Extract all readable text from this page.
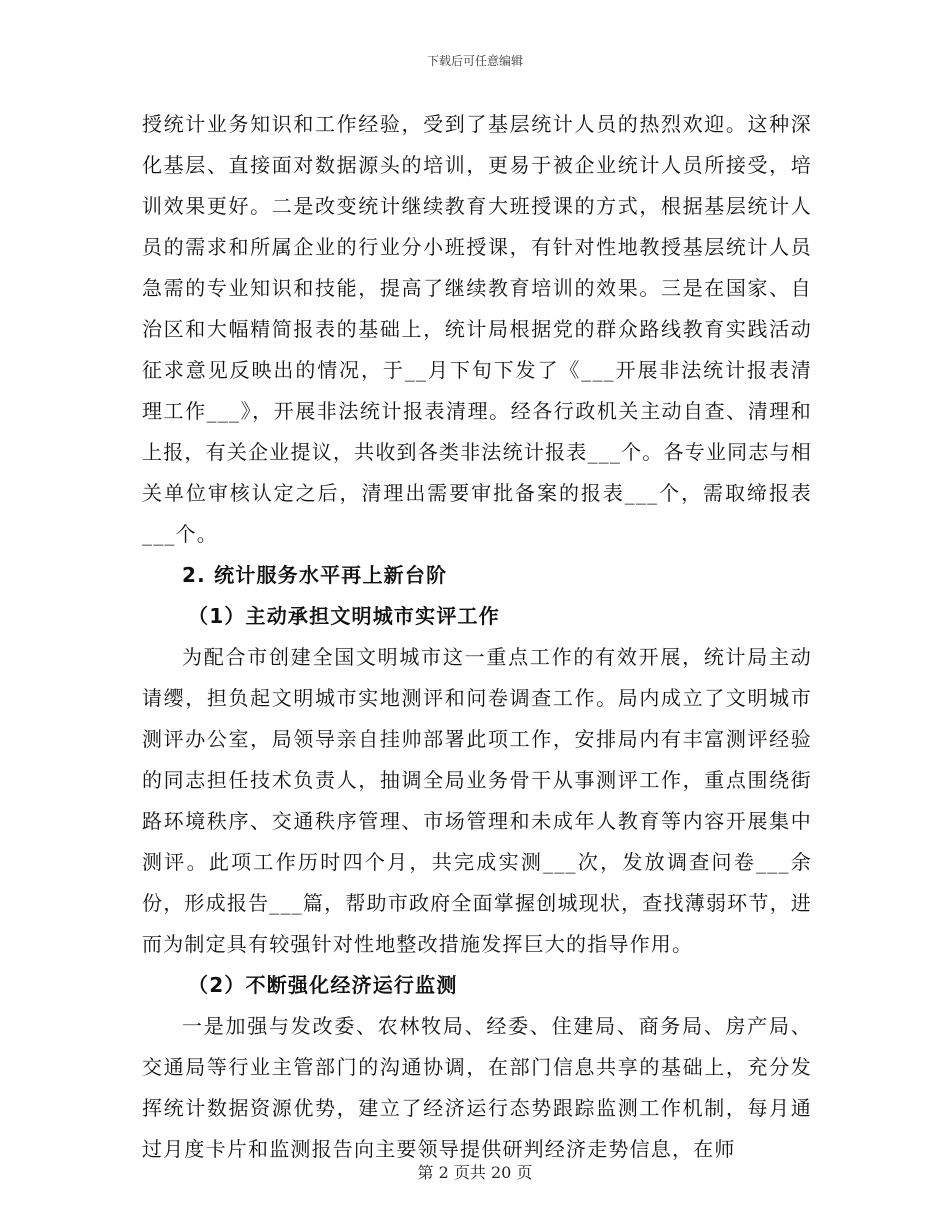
下载后可任意编辑

授统计业务知识和工作经验，受到了基层统计人员的热烈欢迎。这种深化基层、直接面对数据源头的培训，更易于被企业统计人员所接受，培训效果更好。二是改变统计继续教育大班授课的方式，根据基层统计人员的需求和所属企业的行业分小班授课，有针对性地教授基层统计人员急需的专业知识和技能，提高了继续教育培训的效果。三是在国家、自治区和大幅精简报表的基础上，统计局根据党的群众路线教育实践活动征求意见反映出的情况，于__月下旬下发了《___开展非法统计报表清理工作___》，开展非法统计报表清理。经各行政机关主动自查、清理和上报，有关企业提议，共收到各类非法统计报表___个。各专业同志与相关单位审核认定之后，清理出需要审批备案的报表___个，需取缔报表___个。

2. 统计服务水平再上新台阶

（1）主动承担文明城市实评工作

为配合市创建全国文明城市这一重点工作的有效开展，统计局主动请缨，担负起文明城市实地测评和问卷调查工作。局内成立了文明城市测评办公室，局领导亲自挂帅部署此项工作，安排局内有丰富测评经验的同志担任技术负责人，抽调全局业务骨干从事测评工作，重点围绕街路环境秩序、交通秩序管理、市场管理和未成年人教育等内容开展集中测评。此项工作历时四个月，共完成实测___次，发放调查问卷___余份，形成报告___篇，帮助市政府全面掌握创城现状，查找薄弱环节，进而为制定具有较强针对性地整改措施发挥巨大的指导作用。

（2）不断强化经济运行监测

一是加强与发改委、农林牧局、经委、住建局、商务局、房产局、交通局等行业主管部门的沟通协调，在部门信息共享的基础上，充分发挥统计数据资源优势，建立了经济运行态势跟踪监测工作机制，每月通过月度卡片和监测报告向主要领导提供研判经济走势信息，在师

第 2 页共 20 页
